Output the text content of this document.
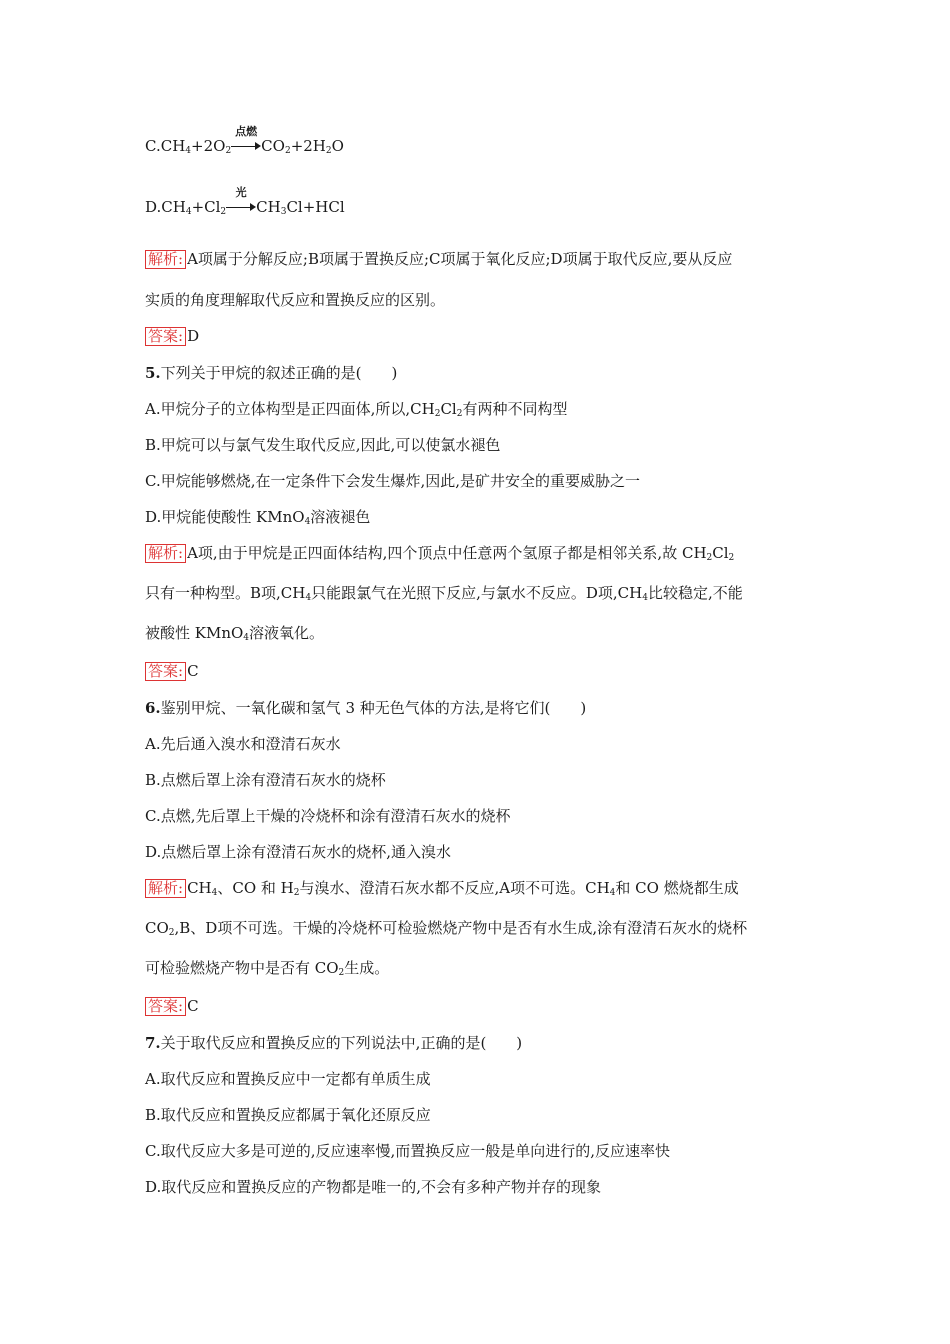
$C.CH_4+2O_2$
点燃
$CO_2+2H_2O$
$D.CH_4+Cl_2$
光
$CH_3Cl+HCl$
解析: A项属于分解反应;B项属于置换反应;C项属于氧化反应;D项属于取代反应,要从反应
实质的角度理解取代反应和置换反应的区别。
答案: D
5.下列关于甲烷的叙述正确的是(　　)
A.甲烷分子的立体构型是正四面体,所以$,CH_2Cl_2$有两种不同构型
B.甲烷可以与氯气发生取代反应,因此,可以使氯水褪色
C.甲烷能够燃烧,在一定条件下会发生爆炸,因此,是矿井安全的重要威胁之一
D.甲烷能使酸性 KMnO$_4$溶液褪色
解析: A项,由于甲烷是正四面体结构,四个顶点中任意两个氢原子都是相邻关系,故 $CH_2Cl_2$
只有一种构型。B项$,CH_4$只能跟氯气在光照下反应,与氯水不反应。D项$,CH_4$比较稳定,不能
被酸性 KMnO$_4$溶液氧化。
答案: C
6.鉴别甲烷、一氧化碳和氢气 3 种无色气体的方法,是将它们(　　)
A.先后通入溴水和澄清石灰水
B.点燃后罩上涂有澄清石灰水的烧杯
C.点燃,先后罩上干燥的冷烧杯和涂有澄清石灰水的烧杯
D.点燃后罩上涂有澄清石灰水的烧杯,通入溴水
解析: $CH_4$、CO 和 $H_2$与溴水、澄清石灰水都不反应,A项不可选。$CH_4$和 CO 燃烧都生成
$CO_2,B$、D项不可选。干燥的冷烧杯可检验燃烧产物中是否有水生成,涂有澄清石灰水的烧杯
可检验燃烧产物中是否有 $CO_2$生成。
答案: C
7.关于取代反应和置换反应的下列说法中,正确的是(　　)
A.取代反应和置换反应中一定都有单质生成
B.取代反应和置换反应都属于氧化还原反应
C.取代反应大多是可逆的,反应速率慢,而置换反应一般是单向进行的,反应速率快
D.取代反应和置换反应的产物都是唯一的,不会有多种产物并存的现象
